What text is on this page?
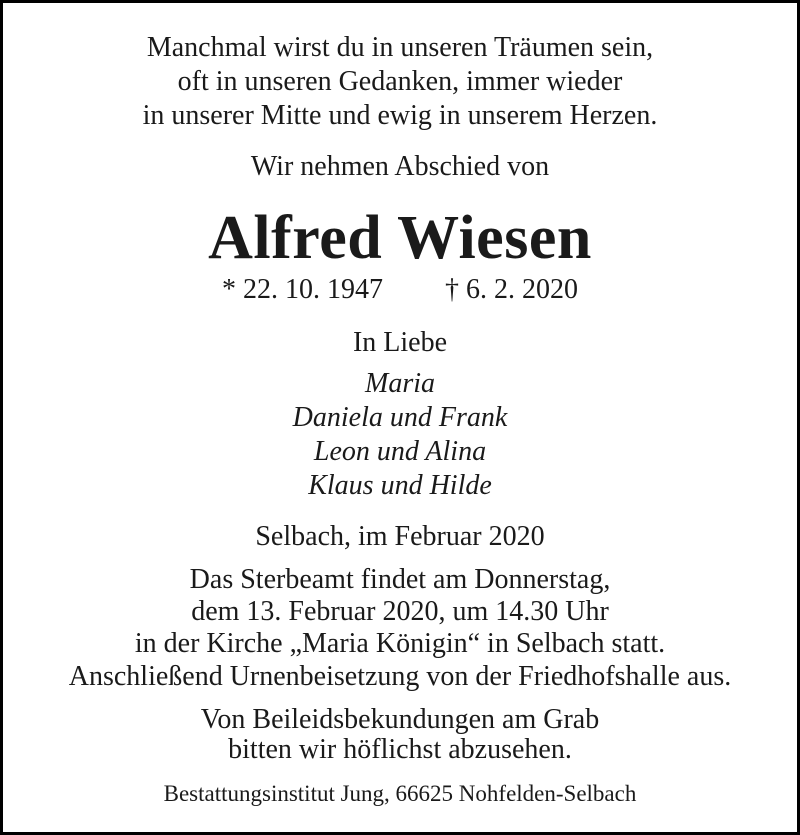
Manchmal wirst du in unseren Träumen sein,
oft in unseren Gedanken, immer wieder
in unserer Mitte und ewig in unserem Herzen.
Wir nehmen Abschied von
Alfred Wiesen
* 22. 10. 1947 † 6. 2. 2020
In Liebe
Maria
Daniela und Frank
Leon und Alina
Klaus und Hilde
Selbach, im Februar 2020
Das Sterbeamt findet am Donnerstag,
dem 13. Februar 2020, um 14.30 Uhr
in der Kirche „Maria Königin“ in Selbach statt.
Anschließend Urnenbeisetzung von der Friedhofshalle aus.
Von Beileidsbekundungen am Grab
bitten wir höflichst abzusehen.
Bestattungsinstitut Jung, 66625 Nohfelden-Selbach
